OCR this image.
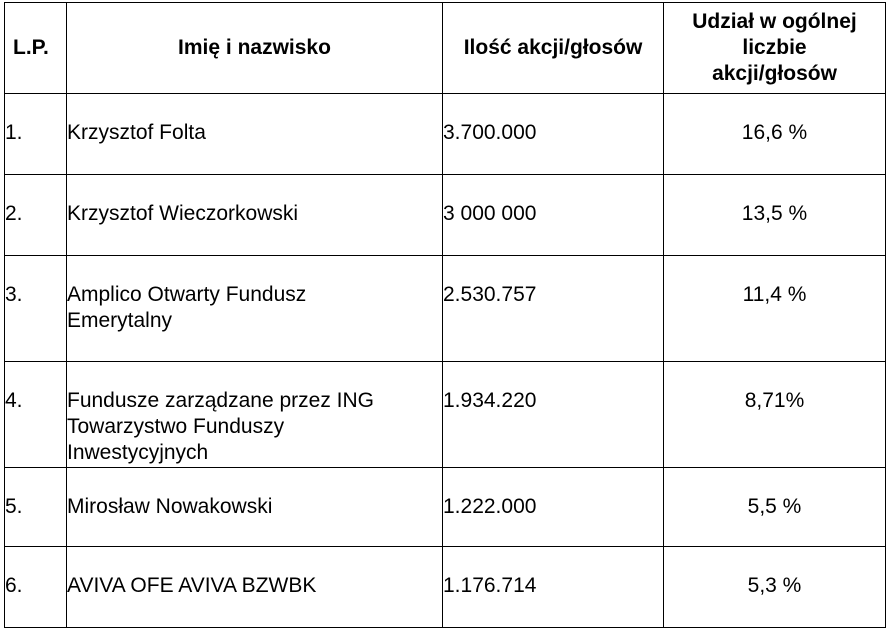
L.P.	Imię i nazwisko	Ilość akcji/głosów	Udział w ogólnej
liczbie
akcji/głosów
1.	Krzysztof Folta	3.700.000	16,6 %
2.	Krzysztof Wieczorkowski	3 000 000	13,5 %
3.	Amplico Otwarty Fundusz
Emerytalny	2.530.757	11,4 %
4.	Fundusze zarządzane przez ING
Towarzystwo Funduszy
Inwestycyjnych	1.934.220	8,71%
5.	Mirosław Nowakowski	1.222.000	5,5 %
6.	AVIVA OFE AVIVA BZWBK	1.176.714	5,3 %
